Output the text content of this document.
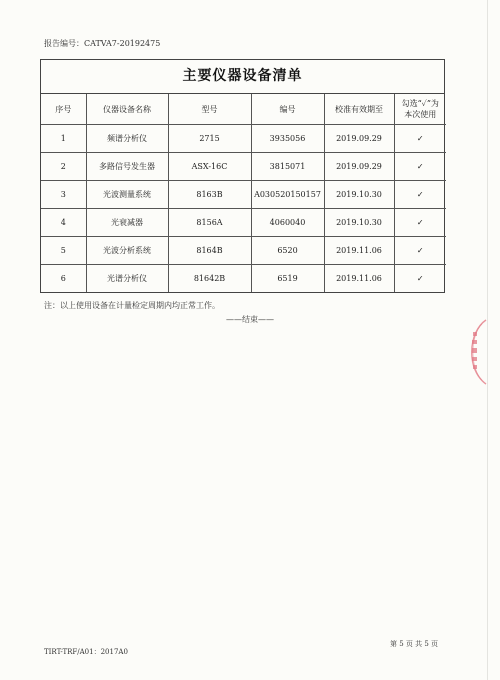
报告编号：CATVA7-20192475
主要仪器设备清单
序号	仪器设备名称	型号	编号	校准有效期至	勾选“✓”为
本次使用
1	频谱分析仪	2715	3935056	2019.09.29	✓
2	多路信号发生器	ASX-16C	3815071	2019.09.29	✓
3	光波测量系统	8163B	A030520150157	2019.10.30	✓
4	光衰减器	8156A	4060040	2019.10.30	✓
5	光波分析系统	8164B	6520	2019.11.06	✓
6	光谱分析仪	81642B	6519	2019.11.06	✓
注：以上使用设备在计量检定周期内均正常工作。
——结束——
第 5 页 共 5 页
TIRT-TRF/A01：2017A0
